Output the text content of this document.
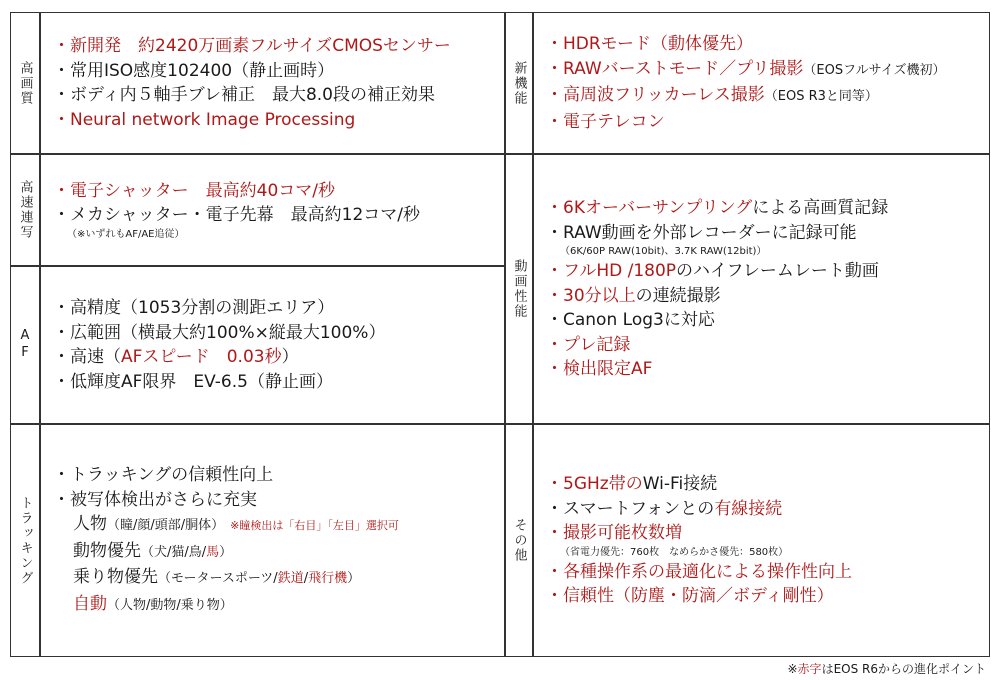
高画質
高速連写
AF
トラッキング
・新開発　約2420万画素フルサイズCMOSセンサー
・常用ISO感度102400（静止画時）
・ボディ内５軸手ブレ補正　最大8.0段の補正効果
・Neural network Image Processing
・電子シャッター　最高約40コマ/秒
・メカシャッター・電子先幕　最高約12コマ/秒
（※いずれもAF/AE追従）
・高精度（1053分割の測距エリア）
・広範囲（横最大約100%×縦最大100%）
・高速（AFスピード　0.03秒）
・低輝度AF限界　EV-6.5（静止画）
・トラッキングの信頼性向上
・被写体検出がさらに充実
人物（瞳/顔/頭部/胴体） ※瞳検出は「右目」「左目」選択可
動物優先（犬/猫/鳥/馬）
乗り物優先（モータースポーツ/鉄道/飛行機）
自動（人物/動物/乗り物）
新機能
動画性能
その他
・HDRモード（動体優先）
・RAWバーストモード／プリ撮影（EOSフルサイズ機初）
・高周波フリッカーレス撮影（EOS R3と同等）
・電子テレコン
・6Kオーバーサンプリングによる高画質記録
・RAW動画を外部レコーダーに記録可能
（6K/60P RAW(10bit)、3.7K RAW(12bit)）
・フルHD /180Pのハイフレームレート動画
・30分以上の連続撮影
・Canon Log3に対応
・プレ記録
・検出限定AF
・5GHz帯のWi-Fi接続
・スマートフォンとの有線接続
・撮影可能枚数増
（省電力優先：760枚　なめらかさ優先：580枚）
・各種操作系の最適化による操作性向上
・信頼性（防塵・防滴／ボディ剛性）
※赤字はEOS R6からの進化ポイント
